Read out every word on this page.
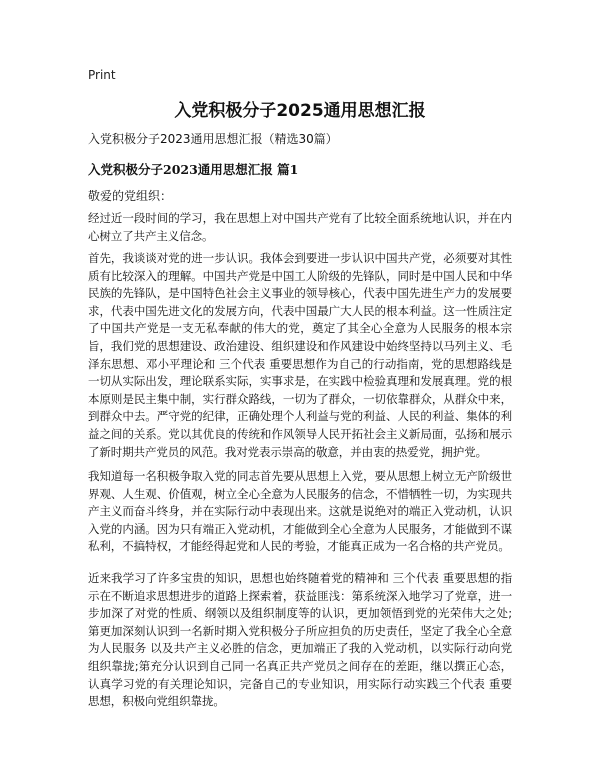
Print
入党积极分子2025通用思想汇报
入党积极分子2023通用思想汇报（精选30篇）
入党积极分子2023通用思想汇报 篇1
敬爱的党组织：

经过近一段时间的学习，我在思想上对中国共产党有了比较全面系统地认识，并在内心树立了共产主义信念。

首先，我谈谈对党的进一步认识。我体会到要进一步认识中国共产党，必须要对其性质有比较深入的理解。中国共产党是中国工人阶级的先锋队，同时是中国人民和中华民族的先锋队，是中国特色社会主义事业的领导核心，代表中国先进生产力的发展要求，代表中国先进文化的发展方向，代表中国最广大人民的根本利益。这一性质注定了中国共产党是一支无私奉献的伟大的党，奠定了其全心全意为人民服务的根本宗旨，我们党的思想建设、政治建设、组织建设和作风建设中始终坚持以马列主义、毛泽东思想、邓小平理论和 三个代表 重要思想作为自己的行动指南，党的思想路线是一切从实际出发，理论联系实际，实事求是，在实践中检验真理和发展真理。党的根本原则是民主集中制，实行群众路线，一切为了群众，一切依靠群众，从群众中来，到群众中去。严守党的纪律，正确处理个人利益与党的利益、人民的利益、集体的利益之间的关系。党以其优良的传统和作风领导人民开拓社会主义新局面，弘扬和展示了新时期共产党员的风范。我对党表示崇高的敬意，并由衷的热爱党，拥护党。

我知道每一名积极争取入党的同志首先要从思想上入党，要从思想上树立无产阶级世界观、人生观、价值观，树立全心全意为人民服务的信念，不惜牺牲一切，为实现共产主义而奋斗终身，并在实际行动中表现出来。这就是说绝对的端正入党动机，认识入党的内涵。因为只有端正入党动机，才能做到全心全意为人民服务，才能做到不谋私利，不搞特权，才能经得起党和人民的考验，才能真正成为一名合格的共产党员。

近来我学习了许多宝贵的知识，思想也始终随着党的精神和 三个代表 重要思想的指示在不断追求思想进步的道路上探索着，获益匪浅：第系统深入地学习了党章，进一步加深了对党的性质、纲领以及组织制度等的认识，更加领悟到党的光荣伟大之处;第更加深刻认识到一名新时期入党积极分子所应担负的历史责任，坚定了我全心全意为人民服务 以及共产主义必胜的信念，更加端正了我的入党动机，以实际行动向党组织靠拢;第充分认识到自己同一名真正共产党员之间存在的差距，继以撰正心态，认真学习党的有关理论知识，完备自己的专业知识，用实际行动实践三个代表 重要思想，积极向党组织靠拢。
